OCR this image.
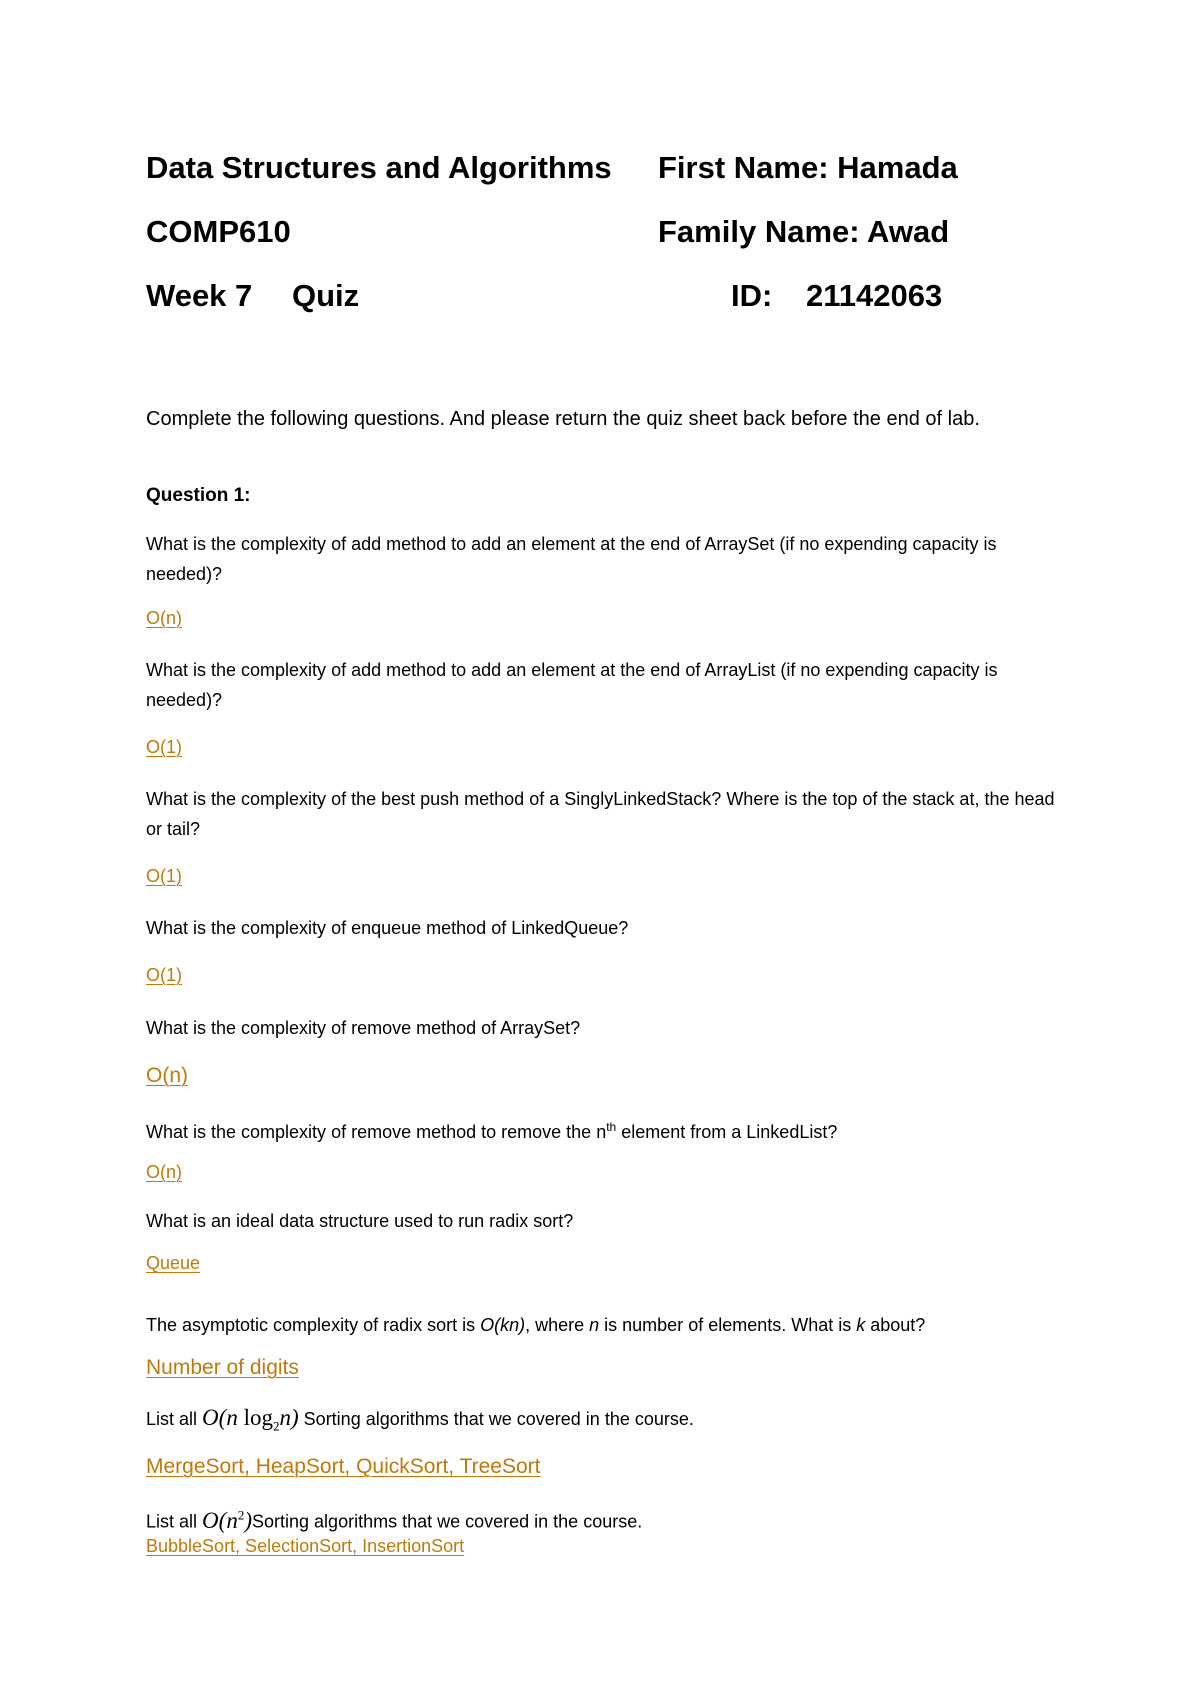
Data Structures and Algorithms First Name: Hamada
COMP610	Family Name: Awad
Week 7 Quiz	ID: 21142063
Complete the following questions. And please return the quiz sheet back before the end of lab.
Question 1:
What is the complexity of add method to add an element at the end of ArraySet (if no expending capacity is needed)?
O(n)
What is the complexity of add method to add an element at the end of ArrayList (if no expending capacity is needed)?
O(1)
What is the complexity of the best push method of a SinglyLinkedStack? Where is the top of the stack at, the head or tail?
O(1)
What is the complexity of enqueue method of LinkedQueue?
O(1)
What is the complexity of remove method of ArraySet?
O(n)
What is the complexity of remove method to remove the $n^{th}$ element from a LinkedList?
O(n)
What is an ideal data structure used to run radix sort?
Queue
The asymptotic complexity of radix sort is O(kn), where n is number of elements. What is k about?
Number of digits
List all O(n $\log_2n$) Sorting algorithms that we covered in the course.
MergeSort, HeapSort, QuickSort, TreeSort
List all $O(n^2)Sorting$ algorithms that we covered in the course.
BubbleSort, SelectionSort, InsertionSort
